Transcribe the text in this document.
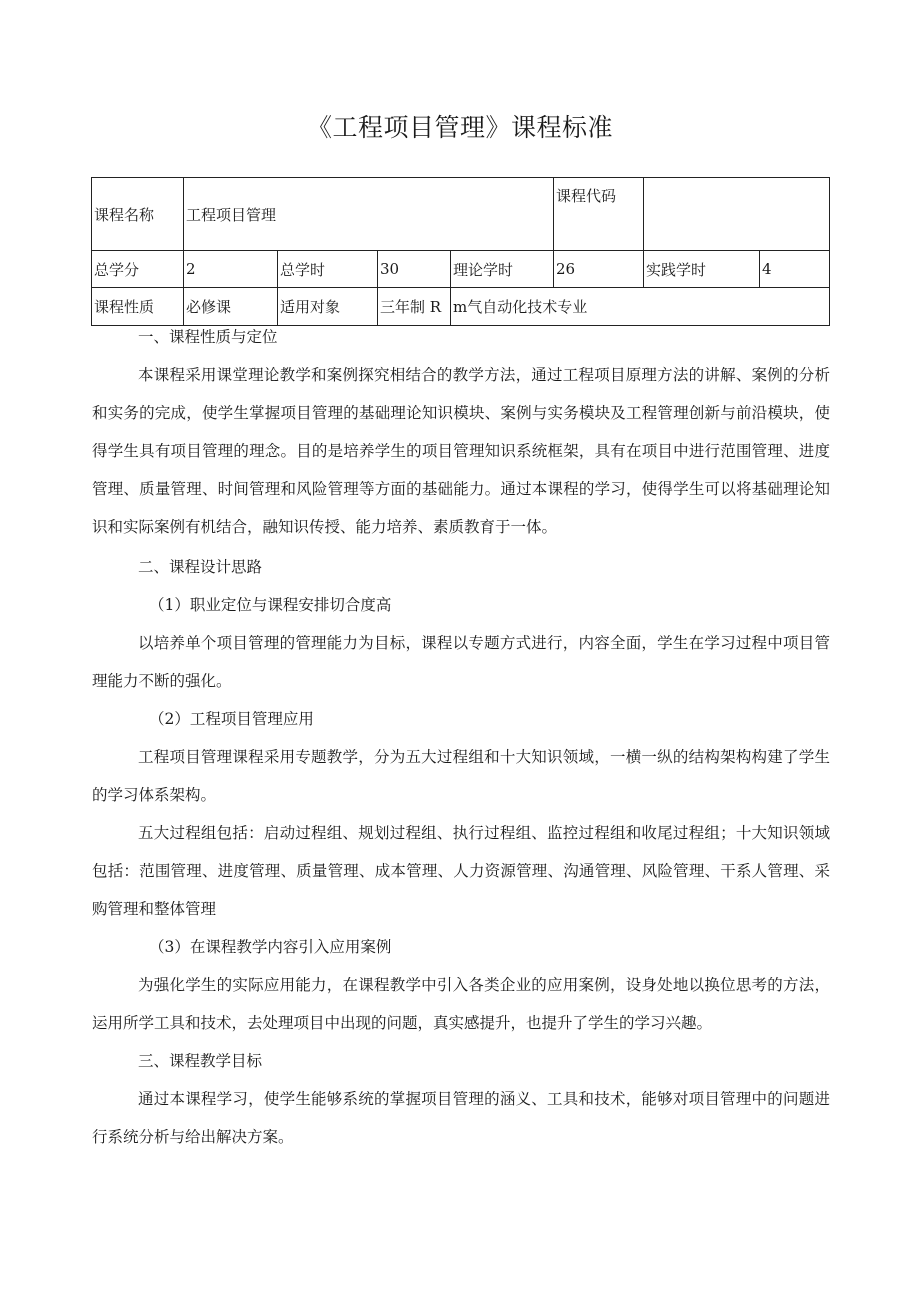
《工程项目管理》课程标准
课程名称	工程项目管理				课程代码		
总学分	2	总学时	30	理论学时	26	实践学时	4
课程性质	必修课	适用对象	三年制 R	m气自动化技术专业			

一、课程性质与定位

本课程采用课堂理论教学和案例探究相结合的教学方法，通过工程项目原理方法的讲解、案例的分析和实务的完成，使学生掌握项目管理的基础理论知识模块、案例与实务模块及工程管理创新与前沿模块，使得学生具有项目管理的理念。目的是培养学生的项目管理知识系统框架，具有在项目中进行范围管理、进度管理、质量管理、时间管理和风险管理等方面的基础能力。通过本课程的学习，使得学生可以将基础理论知识和实际案例有机结合，融知识传授、能力培养、素质教育于一体。

二、课程设计思路

（1）职业定位与课程安排切合度高

以培养单个项目管理的管理能力为目标，课程以专题方式进行，内容全面，学生在学习过程中项目管理能力不断的强化。

（2）工程项目管理应用

工程项目管理课程采用专题教学，分为五大过程组和十大知识领域，一横一纵的结构架构构建了学生的学习体系架构。

五大过程组包括：启动过程组、规划过程组、执行过程组、监控过程组和收尾过程组；十大知识领域包括：范围管理、进度管理、质量管理、成本管理、人力资源管理、沟通管理、风险管理、干系人管理、采购管理和整体管理

（3）在课程教学内容引入应用案例

为强化学生的实际应用能力，在课程教学中引入各类企业的应用案例，设身处地以换位思考的方法，运用所学工具和技术，去处理项目中出现的问题，真实感提升，也提升了学生的学习兴趣。

三、课程教学目标

通过本课程学习，使学生能够系统的掌握项目管理的涵义、工具和技术，能够对项目管理中的问题进行系统分析与给出解决方案。
